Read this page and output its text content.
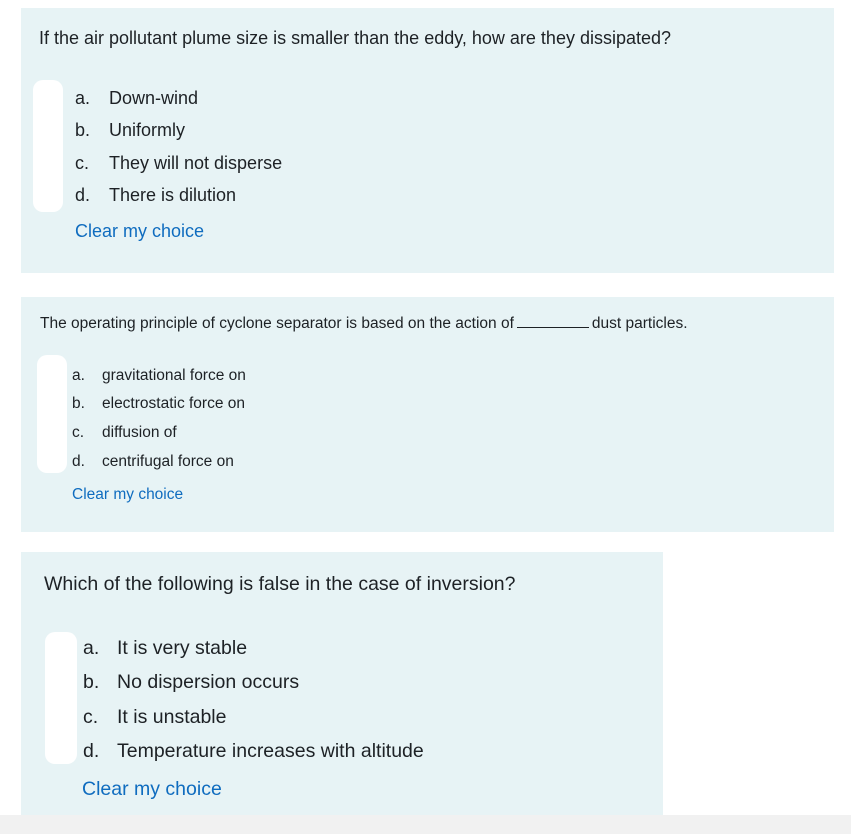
If the air pollutant plume size is smaller than the eddy, how are they dissipated?

a. Down-wind
b. Uniformly
c. They will not disperse
d. There is dilution
Clear my choice

The operating principle of cyclone separator is based on the action of	dust particles.

a. gravitational force on
b. electrostatic force on
c. diffusion of
d. centrifugal force on
Clear my choice

Which of the following is false in the case of inversion?

a. It is very stable
b. No dispersion occurs
c. It is unstable
d. Temperature increases with altitude
Clear my choice
